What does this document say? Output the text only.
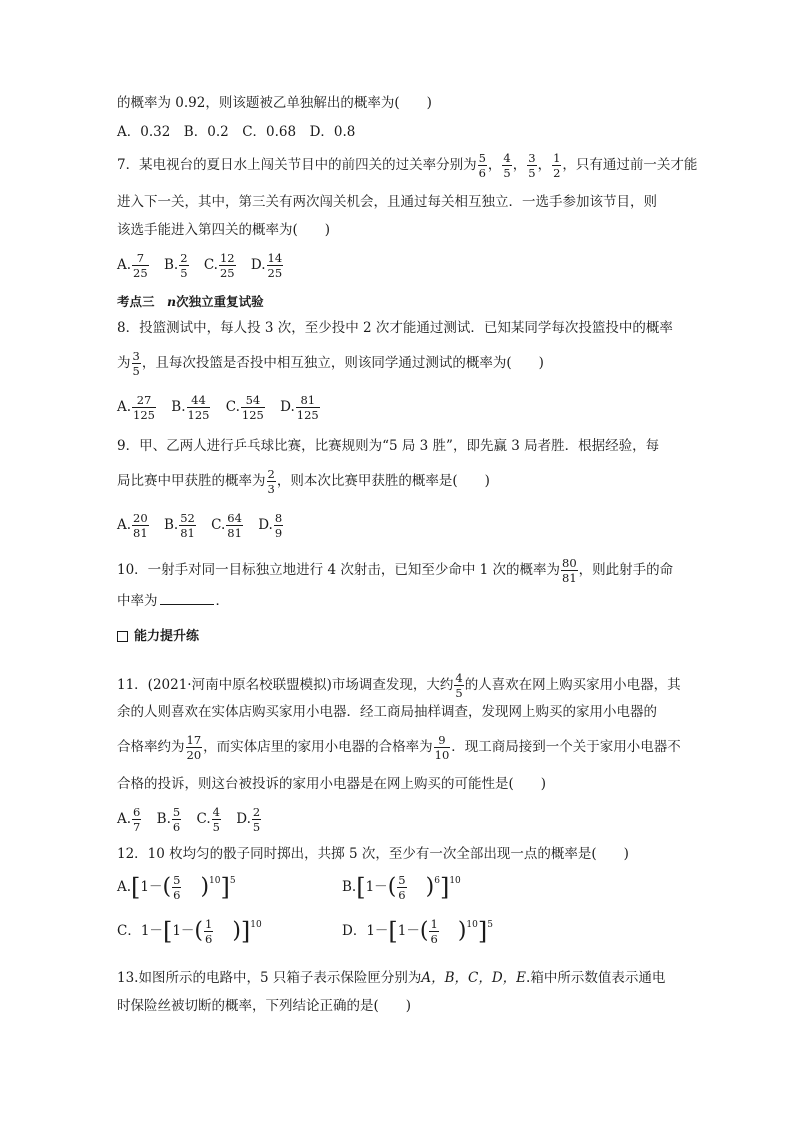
的概率为 0.92，则该题被乙单独解出的概率为(　　)
A．0.32　B．0.2　C．0.68　D．0.8
7．某电视台的夏日水上闯关节目中的前四关的过关率分别为 $\frac{5}{6}$ ， $\frac{4}{5}$ ， $\frac{3}{5}$ ， $\frac{1}{2}$ ，只有通过前一关才能
进入下一关，其中，第三关有两次闯关机会，且通过每关相互独立．一选手参加该节目，则
该选手能进入第四关的概率为(　　)
A. $\frac{7}{25} B$. $\frac{2}{5} C$. $\frac{12}{25} D$. $\frac{14}{25}$
考点三　 n次独立重复试验
8．投篮测试中，每人投 3 次，至少投中 2 次才能通过测试．已知某同学每次投篮投中的概率
为 $\frac{3}{5}$ ，且每次投篮是否投中相互独立，则该同学通过测试的概率为(　　)
A. $\frac{27}{125} B$. $\frac{44}{125} C$. $\frac{54}{125} D$. $\frac{81}{125}$
9．甲、乙两人进行乒乓球比赛，比赛规则为“5 局 3 胜”，即先赢 3 局者胜．根据经验，每
局比赛中甲获胜的概率为 $\frac{2}{3}$ ，则本次比赛甲获胜的概率是(　　)
A. $\frac{20}{81} B$. $\frac{52}{81} C$. $\frac{64}{81} D$. $\frac{8}{9}$
10．一射手对同一目标独立地进行 4 次射击，已知至少命中 1 次的概率为 $\frac{80}{81}$ ，则此射手的命
中率为	．
能力提升练
11．(2021·河南中原名校联盟模拟)市场调查发现，大约 $\frac{4}{5}$ 的人喜欢在网上购买家用小电器，其
余的人则喜欢在实体店购买家用小电器．经工商局抽样调查，发现网上购买的家用小电器的
合格率约为 $\frac{17}{20}$ ，而实体店里的家用小电器的合格率为 $\frac{9}{10}$ ．现工商局接到一个关于家用小电器不
合格的投诉，则这台被投诉的家用小电器是在网上购买的可能性是(　　)
A. $\frac{6}{7} B$. $\frac{5}{6} C$. $\frac{4}{5} D$. $\frac{2}{5}$
12．10 枚均匀的骰子同时掷出，共掷 5 次，至少有一次全部出现一点的概率是(　　)
$A.[1-( \frac{5}{6} )^{10}]^5$	$B.[1-( \frac{5}{6} )^6]^{10}$
C．$1-[1-( \frac{1}{6} )]^{10}$	D．$1-[1-( \frac{1}{6} )^{10}]^5$
13.如图所示的电路中，5 只箱子表示保险匣分别为A，B，C，D，E.箱中所示数值表示通电
时保险丝被切断的概率，下列结论正确的是(　　)
